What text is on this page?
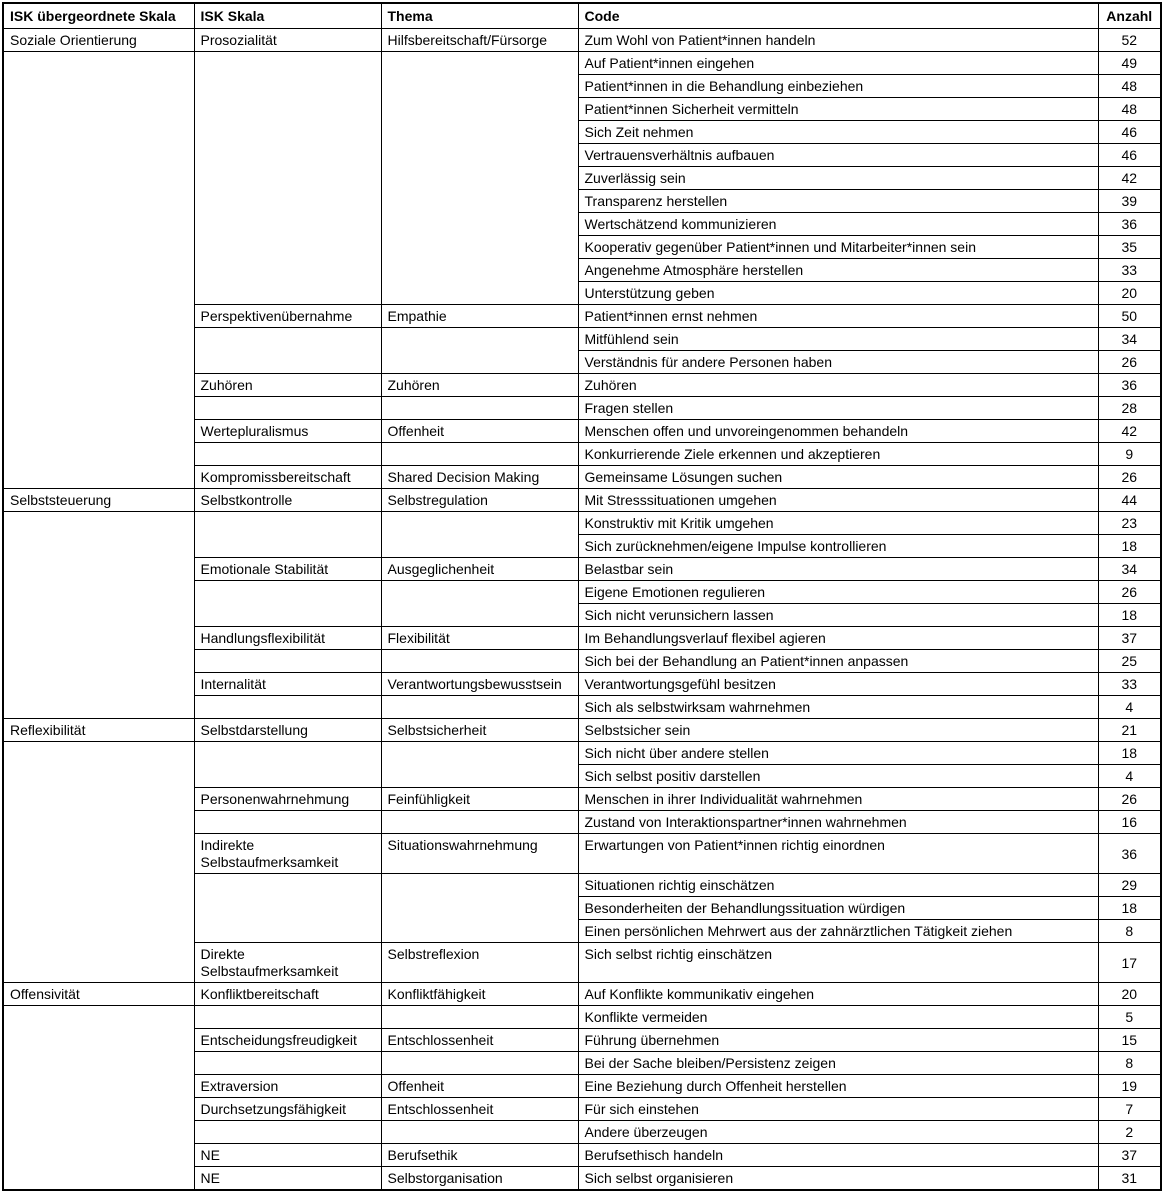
ISK übergeordnete Skala	ISK Skala	Thema	Code	Anzahl
Soziale Orientierung	Prosozialität	Hilfsbereitschaft/Fürsorge	Zum Wohl von Patient*innen handeln	52
			Auf Patient*innen eingehen	49
			Patient*innen in die Behandlung einbeziehen	48
			Patient*innen Sicherheit vermitteln	48
			Sich Zeit nehmen	46
			Vertrauensverhältnis aufbauen	46
			Zuverlässig sein	42
			Transparenz herstellen	39
			Wertschätzend kommunizieren	36
			Kooperativ gegenüber Patient*innen und Mitarbeiter*innen sein	35
			Angenehme Atmosphäre herstellen	33
			Unterstützung geben	20
	Perspektivenübernahme	Empathie	Patient*innen ernst nehmen	50
			Mitfühlend sein	34
			Verständnis für andere Personen haben	26
	Zuhören	Zuhören	Zuhören	36
			Fragen stellen	28
	Wertepluralismus	Offenheit	Menschen offen und unvoreingenommen behandeln	42
			Konkurrierende Ziele erkennen und akzeptieren	9
	Kompromissbereitschaft	Shared Decision Making	Gemeinsame Lösungen suchen	26
Selbststeuerung	Selbstkontrolle	Selbstregulation	Mit Stresssituationen umgehen	44
			Konstruktiv mit Kritik umgehen	23
			Sich zurücknehmen/eigene Impulse kontrollieren	18
	Emotionale Stabilität	Ausgeglichenheit	Belastbar sein	34
			Eigene Emotionen regulieren	26
			Sich nicht verunsichern lassen	18
	Handlungsflexibilität	Flexibilität	Im Behandlungsverlauf flexibel agieren	37
			Sich bei der Behandlung an Patient*innen anpassen	25
	Internalität	Verantwortungsbewusstsein	Verantwortungsgefühl besitzen	33
			Sich als selbstwirksam wahrnehmen	4
Reflexibilität	Selbstdarstellung	Selbstsicherheit	Selbstsicher sein	21
			Sich nicht über andere stellen	18
			Sich selbst positiv darstellen	4
	Personenwahrnehmung	Feinfühligkeit	Menschen in ihrer Individualität wahrnehmen	26
			Zustand von Interaktionspartner*innen wahrnehmen	16
	Indirekte Selbstaufmerksamkeit	Situationswahrnehmung	Erwartungen von Patient*innen richtig einordnen	36
			Situationen richtig einschätzen	29
			Besonderheiten der Behandlungssituation würdigen	18
			Einen persönlichen Mehrwert aus der zahnärztlichen Tätigkeit ziehen	8
	Direkte Selbstaufmerksamkeit	Selbstreflexion	Sich selbst richtig einschätzen	17
Offensivität	Konfliktbereitschaft	Konfliktfähigkeit	Auf Konflikte kommunikativ eingehen	20
			Konflikte vermeiden	5
	Entscheidungsfreudigkeit	Entschlossenheit	Führung übernehmen	15
			Bei der Sache bleiben/Persistenz zeigen	8
	Extraversion	Offenheit	Eine Beziehung durch Offenheit herstellen	19
	Durchsetzungsfähigkeit	Entschlossenheit	Für sich einstehen	7
			Andere überzeugen	2
	NE	Berufsethik	Berufsethisch handeln	37
	NE	Selbstorganisation	Sich selbst organisieren	31
